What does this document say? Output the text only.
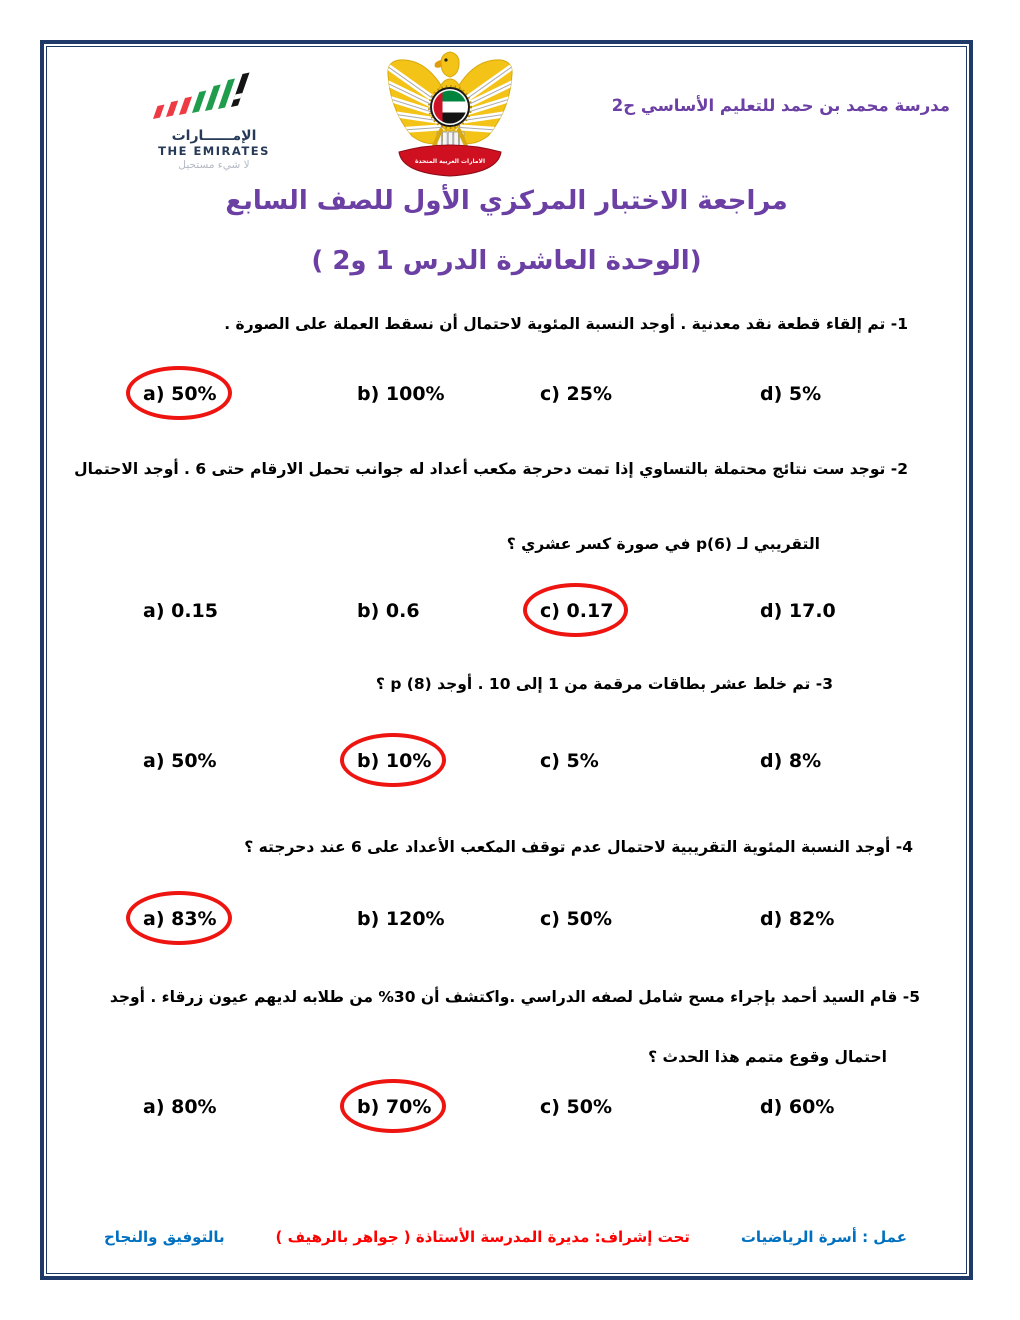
الإمــــــارات
THE EMIRATES
لا شيء مستحيل	الامارات العربية المتحدة
مدرسة محمد بن حمد للتعليم الأساسي ح2
مراجعة الاختبار المركزي الأول للصف السابع
(الوحدة العاشرة الدرس 1 و2 )
1- تم إلقاء قطعة نقد معدنية . أوجد النسبة المئوية لاحتمال أن نسقط العملة على الصورة .
a) 50%	b) 100%	c) 25%	d) 5%
2- توجد ست نتائج محتملة بالتساوي إذا تمت دحرجة مكعب أعداد له جوانب تحمل الارقام حتى 6 . أوجد الاحتمال
التقريبي لـ p(6) في صورة كسر عشري ؟
a) 0.15	b) 0.6	c) 0.17	d) 17.0
3- تم خلط عشر بطاقات مرقمة من 1 إلى 10 . أوجد p (8) ؟
a) 50%	b) 10%	c) 5%	d) 8%
4- أوجد النسبة المئوية التقريبية لاحتمال عدم توقف المكعب الأعداد على 6 عند دحرجته ؟
a) 83%	b) 120%	c) 50%	d) 82%
5- قام السيد أحمد بإجراء مسح شامل لصفه الدراسي .واكتشف أن 30% من طلابه لديهم عيون زرقاء . أوجد
احتمال وقوع متمم هذا الحدث ؟
a) 80%	b) 70%	c) 50%	d) 60%
عمل : أسرة الرياضيات
تحت إشراف: مديرة المدرسة الأستاذة ( جواهر بالرهيف )
بالتوفيق والنجاح
